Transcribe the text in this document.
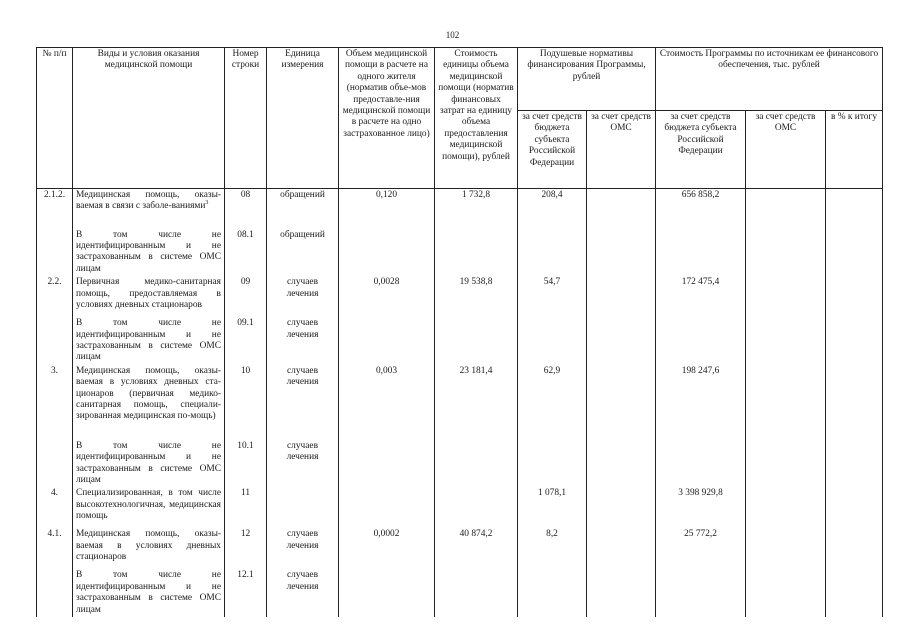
102
№ п/п	Виды и условия оказания медицинской помощи	Номер строки	Единица измерения	Объем медицинской помощи в расчете на одного жителя (норматив объе-мов предоставле-ния медицинской помощи в расчете на одно застрахованное лицо)	Стоимость единицы объема медицинской помощи (норматив финансовых затрат на единицу объема предоставления медицинской помощи), рублей	Подушевые нормативы финансирования Программы, рублей		Стоимость Программы по источникам ее финансового обеспечения, тыс. рублей		
						за счет средств бюджета субъекта Российской Федерации	за счет средств ОМС	за счет средств бюджета субъекта Российской Федерации	за счет средств ОМС	в % к итогу
2.1.2.	Медицинская помощь, оказы-ваемая в связи с заболе-ваниями$^3$	08	обращений	0,120	1 732,8	208,4		656 858,2		
	В том числе не идентифицированным и не застрахованным в системе ОМС лицам	08.1	обращений							
2.2.	Первичная медико-санитарная помощь, предоставляемая в условиях дневных стационаров	09	случаев лечения	0,0028	19 538,8	54,7		172 475,4		
	В том числе не идентифицированным и не застрахованным в системе ОМС лицам	09.1	случаев лечения							
3.	Медицинская помощь, оказы-ваемая в условиях дневных ста-ционаров (первичная медико-санитарная помощь, специали-зированная медицинская по-мощь)	10	случаев лечения	0,003	23 181,4	62,9		198 247,6		
	В том числе не идентифицированным и не застрахованным в системе ОМС лицам	10.1	случаев лечения							
4.	Специализированная, в том числе высокотехнологичная, медицинская помощь	11				1 078,1		3 398 929,8		
4.1.	Медицинская помощь, оказы-ваемая в условиях дневных стационаров	12	случаев лечения	0,0002	40 874,2	8,2		25 772,2		
	В том числе не идентифицированным и не застрахованным в системе ОМС лицам	12.1	случаев лечения							
